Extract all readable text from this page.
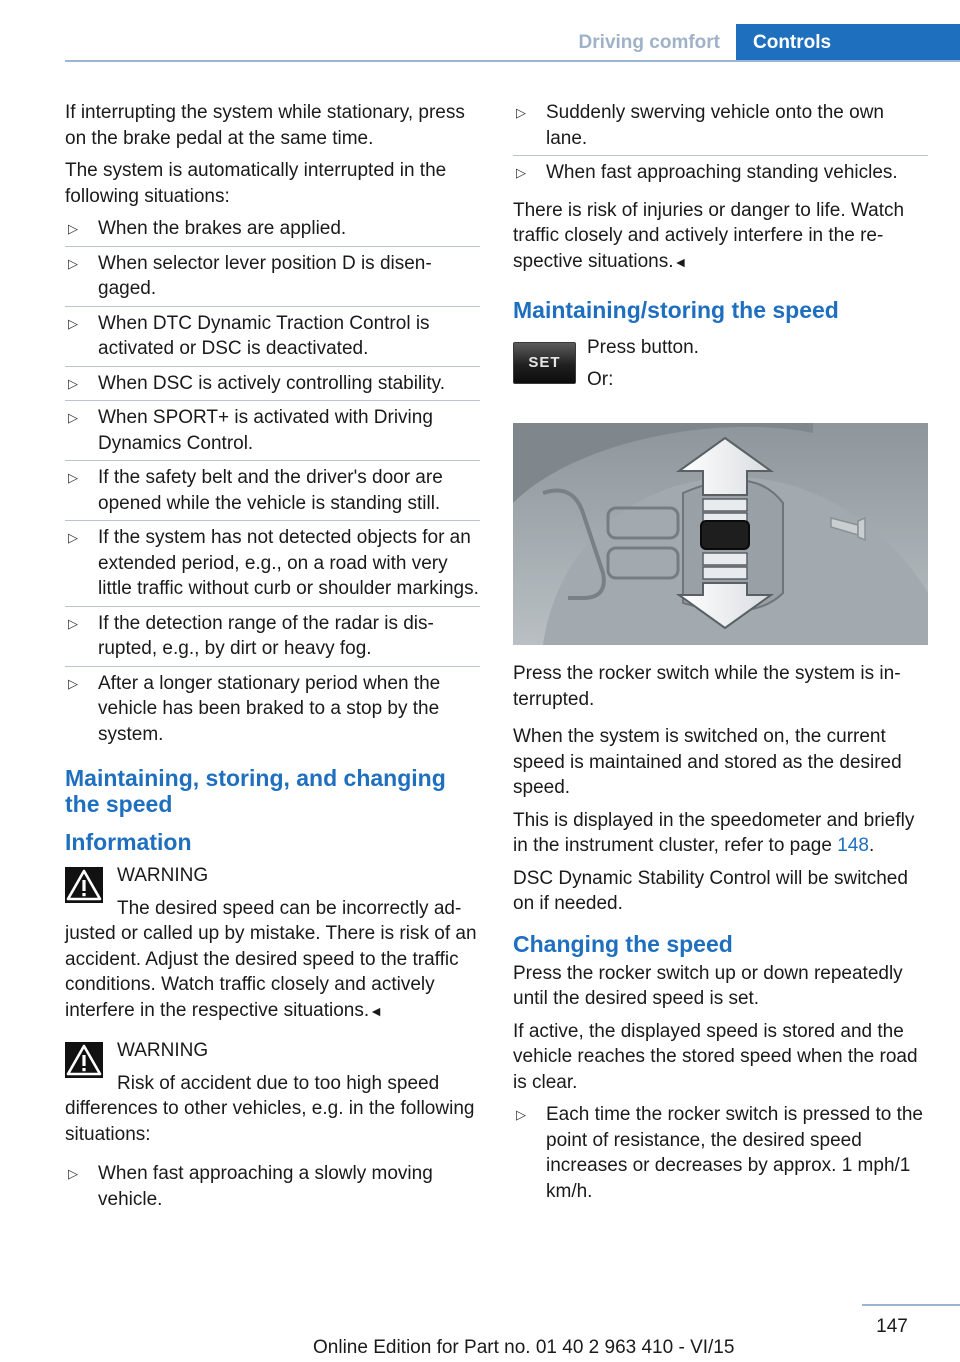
Driving comfort	Controls

If interrupting the system while stationary, press on the brake pedal at the same time.

The system is automatically interrupted in the following situations:

▷ When the brakes are applied.
▷ When selector lever position D is disengaged.
▷ When DTC Dynamic Traction Control is activated or DSC is deactivated.
▷ When DSC is actively controlling stability.
▷ When SPORT+ is activated with Driving Dynamics Control.
▷ If the safety belt and the driver's door are opened while the vehicle is standing still.
▷ If the system has not detected objects for an extended period, e.g., on a road with very little traffic without curb or shoulder markings.
▷ If the detection range of the radar is disrupted, e.g., by dirt or heavy fog.
▷ After a longer stationary period when the vehicle has been braked to a stop by the system.
Maintaining, storing, and changing the speed
Information

WARNING

The desired speed can be incorrectly adjusted or called up by mistake. There is risk of an accident. Adjust the desired speed to the traffic conditions. Watch traffic closely and actively interfere in the respective situations.◄

WARNING

Risk of accident due to too high speed differences to other vehicles, e.g. in the following situations:

▷ When fast approaching a slowly moving vehicle.
▷ Suddenly swerving vehicle onto the own lane.
▷ When fast approaching standing vehicles.

There is risk of injuries or danger to life. Watch traffic closely and actively interfere in the respective situations.◄

Maintaining/storing the speed
SET

Press button.

Or:

Press the rocker switch while the system is interrupted.

When the system is switched on, the current speed is maintained and stored as the desired speed.

This is displayed in the speedometer and briefly in the instrument cluster, refer to page 148.

DSC Dynamic Stability Control will be switched on if needed.

Changing the speed

Press the rocker switch up or down repeatedly until the desired speed is set.

If active, the displayed speed is stored and the vehicle reaches the stored speed when the road is clear.

▷ Each time the rocker switch is pressed to the point of resistance, the desired speed increases or decreases by approx. 1 mph/1 km/h.
147
Online Edition for Part no. 01 40 2 963 410 - VI/15
